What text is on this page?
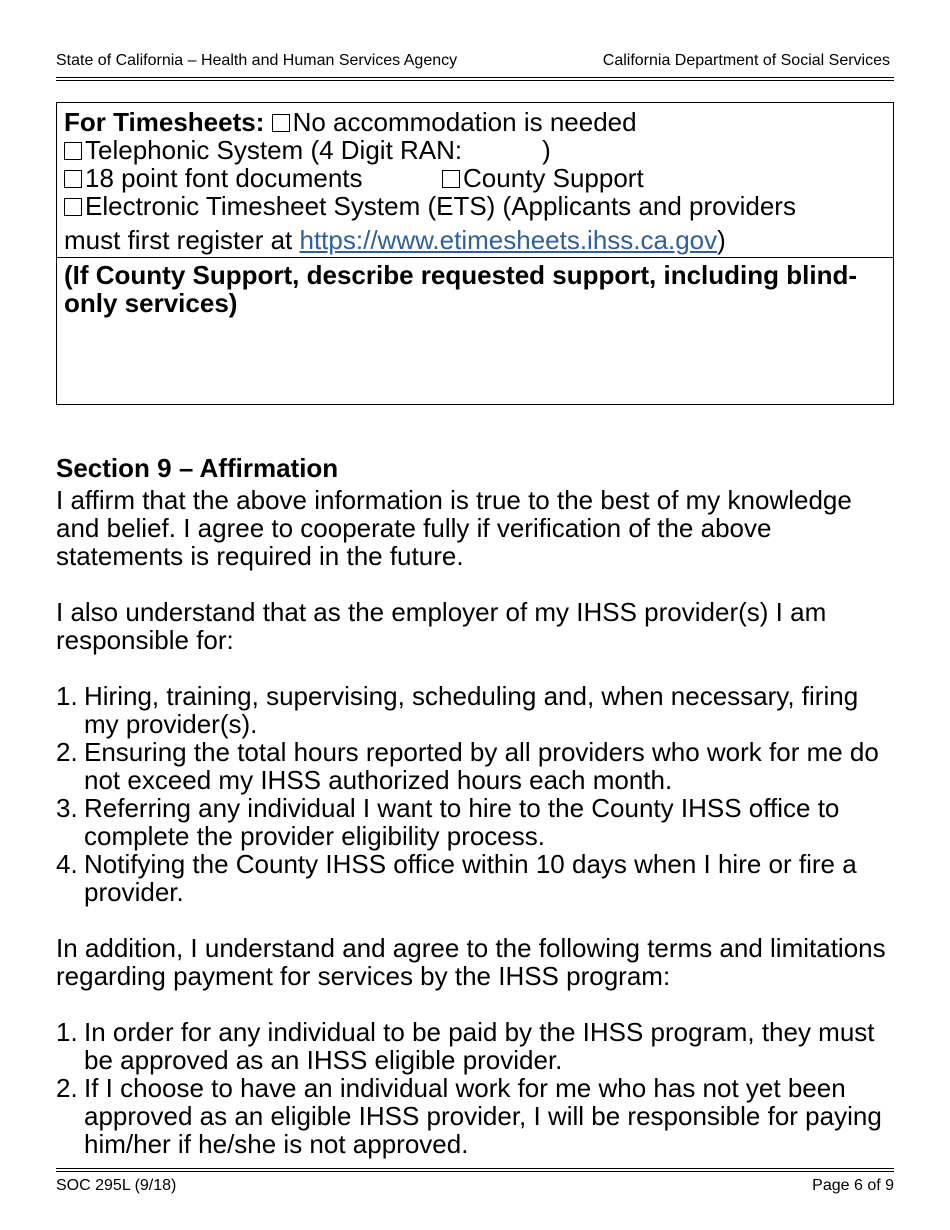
State of California – Health and Human Services Agency	California Department of Social Services
For Timesheets: No accommodation is needed
Telephonic System (4 Digit RAN:	)
18 point font documents	County Support
Electronic Timesheet System (ETS) (Applicants and providers
must first register at https://www.etimesheets.ihss.ca.gov)
(If County Support, describe requested support, including blind-only services)
Section 9 – Affirmation
I affirm that the above information is true to the best of my knowledge and belief. I agree to cooperate fully if verification of the above statements is required in the future.
I also understand that as the employer of my IHSS provider(s) I am responsible for:
1. Hiring, training, supervising, scheduling and, when necessary, firing my provider(s).
2. Ensuring the total hours reported by all providers who work for me do not exceed my IHSS authorized hours each month.
3. Referring any individual I want to hire to the County IHSS office to complete the provider eligibility process.
4. Notifying the County IHSS office within 10 days when I hire or fire a provider.
In addition, I understand and agree to the following terms and limitations regarding payment for services by the IHSS program:
1. In order for any individual to be paid by the IHSS program, they must be approved as an IHSS eligible provider.
2. If I choose to have an individual work for me who has not yet been approved as an eligible IHSS provider, I will be responsible for paying him/her if he/she is not approved.
SOC 295L (9/18)	Page 6 of 9
